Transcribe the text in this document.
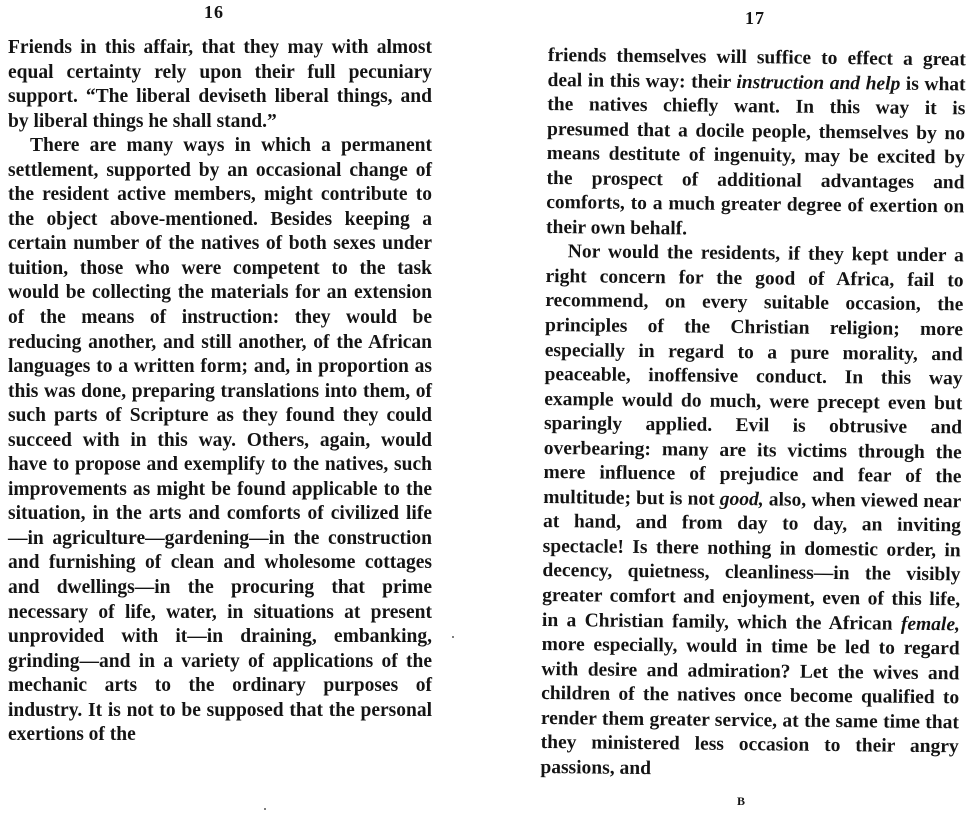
16

Friends in this affair, that they may with almost equal certainty rely upon their full pecuniary support. “The liberal deviseth liberal things, and by liberal things he shall stand.”

There are many ways in which a permanent settlement, supported by an occasional change of the resident active members, might contribute to the object above-mentioned. Besides keeping a certain number of the natives of both sexes under tuition, those who were competent to the task would be collecting the materials for an extension of the means of instruction: they would be reducing another, and still another, of the African languages to a written form; and, in proportion as this was done, preparing translations into them, of such parts of Scripture as they found they could succeed with in this way. Others, again, would have to propose and exemplify to the natives, such improvements as might be found applicable to the situation, in the arts and comforts of civilized life—in agriculture—gardening—in the construction and furnishing of clean and wholesome cottages and dwellings—in the procuring that prime necessary of life, water, in situations at present unprovided with it—in draining, embanking, grinding—and in a variety of applications of the mechanic arts to the ordinary purposes of industry. It is not to be supposed that the personal exertions of the

17

friends themselves will suffice to effect a great deal in this way: their instruction and help is what the natives chiefly want. In this way it is presumed that a docile people, themselves by no means destitute of ingenuity, may be excited by the prospect of additional advantages and comforts, to a much greater degree of exertion on their own behalf.

Nor would the residents, if they kept under a right concern for the good of Africa, fail to recommend, on every suitable occasion, the principles of the Christian religion; more especially in regard to a pure morality, and peaceable, inoffensive conduct. In this way example would do much, were precept even but sparingly applied. Evil is obtrusive and overbearing: many are its victims through the mere influence of prejudice and fear of the multitude; but is not good, also, when viewed near at hand, and from day to day, an inviting spectacle! Is there nothing in domestic order, in decency, quietness, cleanliness—in the visibly greater comfort and enjoyment, even of this life, in a Christian family, which the African female, more especially, would in time be led to regard with desire and admiration? Let the wives and children of the natives once become qualified to render them greater service, at the same time that they ministered less occasion to their angry passions, and

B
